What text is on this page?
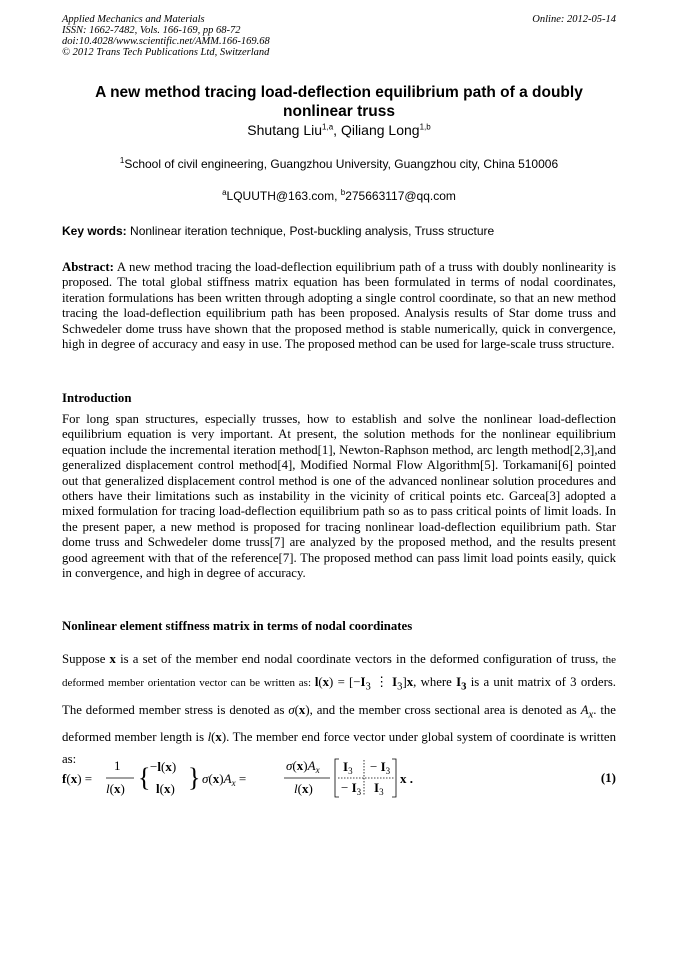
Applied Mechanics and Materials
ISSN: 1662-7482, Vols. 166-169, pp 68-72
doi:10.4028/www.scientific.net/AMM.166-169.68
© 2012 Trans Tech Publications Ltd, Switzerland
Online: 2012-05-14
A new method tracing load-deflection equilibrium path of a doubly nonlinear truss
Shutang Liu$^{1,a}$, Qiliang Long$^{1,b}$
$^1$School of civil engineering, Guangzhou University, Guangzhou city, China 510006
$^a$LQUUTH@163.com, $^b$275663117@qq.com
Key words: Nonlinear iteration technique, Post-buckling analysis, Truss structure
Abstract: A new method tracing the load-deflection equilibrium path of a truss with doubly nonlinearity is proposed. The total global stiffness matrix equation has been formulated in terms of nodal coordinates, iteration formulations has been written through adopting a single control coordinate, so that an new method tracing the load-deflection equilibrium path has been proposed. Analysis results of Star dome truss and Schwedeler dome truss have shown that the proposed method is stable numerically, quick in convergence, high in degree of accuracy and easy in use. The proposed method can be used for large-scale truss structure.
Introduction
For long span structures, especially trusses, how to establish and solve the nonlinear load-deflection equilibrium equation is very important. At present, the solution methods for the nonlinear equilibrium equation include the incremental iteration method[1], Newton-Raphson method, arc length method[2,3],and generalized displacement control method[4], Modified Normal Flow Algorithm[5]. Torkamani[6] pointed out that generalized displacement control method is one of the advanced nonlinear solution procedures and others have their limitations such as instability in the vicinity of critical points etc. Garcea[3] adopted a mixed formulation for tracing load-deflection equilibrium path so as to pass critical points of limit loads. In the present paper, a new method is proposed for tracing nonlinear load-deflection equilibrium path. Star dome truss and Schwedeler dome truss[7] are analyzed by the proposed method, and the results present good agreement with that of the reference[7]. The proposed method can pass limit load points easily, quick in convergence, and high in degree of accuracy.
Nonlinear element stiffness matrix in terms of nodal coordinates
Suppose x is a set of the member end nodal coordinate vectors in the deformed configuration of truss, the deformed member orientation vector can be written as: $l(x) = [-I_3$ ⋮ $I_3]x$, where $I_3$ is a unit matrix of 3 orders. The deformed member stress is denoted as σ(x), and the member cross sectional area is denoted as $A_x$. the deformed member length is l(x). The member end force vector under global system of coordinate is written as:
f(x) =
1
l(x) { −l(x)
l(x) } $\sigma(x)A_x$ =
$\sigma(x)A_x$
l(x)
$I_3 - I_3$
− $I_3$ $I_3$
x .	(1)
